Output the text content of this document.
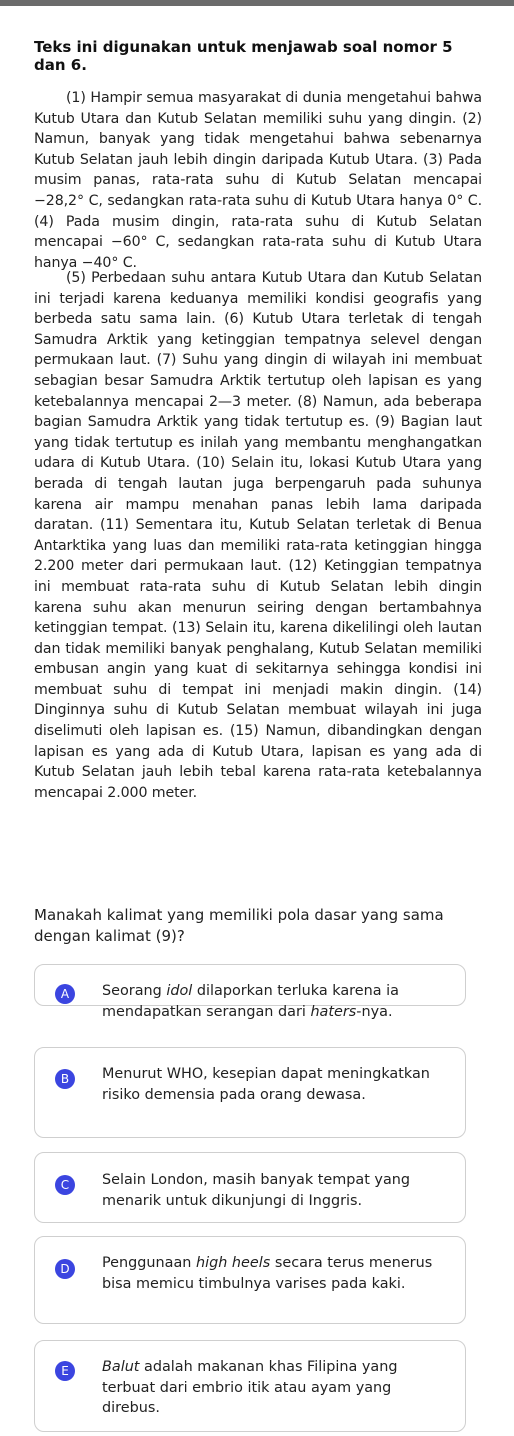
Teks ini digunakan untuk menjawab soal nomor 5 dan 6.

(1) Hampir semua masyarakat di dunia mengetahui bahwa Kutub Utara dan Kutub Selatan memiliki suhu yang dingin. (2) Namun, banyak yang tidak mengetahui bahwa sebenarnya Kutub Selatan jauh lebih dingin daripada Kutub Utara. (3) Pada musim panas, rata-rata suhu di Kutub Selatan mencapai −28,2° C, sedangkan rata-rata suhu di Kutub Utara hanya 0° C. (4) Pada musim dingin, rata-rata suhu di Kutub Selatan mencapai −60° C, sedangkan rata-rata suhu di Kutub Utara hanya −40° C.

(5) Perbedaan suhu antara Kutub Utara dan Kutub Selatan ini terjadi karena keduanya memiliki kondisi geografis yang berbeda satu sama lain. (6) Kutub Utara terletak di tengah Samudra Arktik yang ketinggian tempatnya selevel dengan permukaan laut. (7) Suhu yang dingin di wilayah ini membuat sebagian besar Samudra Arktik tertutup oleh lapisan es yang ketebalannya mencapai 2—3 meter. (8) Namun, ada beberapa bagian Samudra Arktik yang tidak tertutup es. (9) Bagian laut yang tidak tertutup es inilah yang membantu menghangatkan udara di Kutub Utara. (10) Selain itu, lokasi Kutub Utara yang berada di tengah lautan juga berpengaruh pada suhunya karena air mampu menahan panas lebih lama daripada daratan. (11) Sementara itu, Kutub Selatan terletak di Benua Antarktika yang luas dan memiliki rata-rata ketinggian hingga 2.200 meter dari permukaan laut. (12) Ketinggian tempatnya ini membuat rata-rata suhu di Kutub Selatan lebih dingin karena suhu akan menurun seiring dengan bertambahnya ketinggian tempat. (13) Selain itu, karena dikelilingi oleh lautan dan tidak memiliki banyak penghalang, Kutub Selatan memiliki embusan angin yang kuat di sekitarnya sehingga kondisi ini membuat suhu di tempat ini menjadi makin dingin. (14) Dinginnya suhu di Kutub Selatan membuat wilayah ini juga diselimuti oleh lapisan es. (15) Namun, dibandingkan dengan lapisan es yang ada di Kutub Utara, lapisan es yang ada di Kutub Selatan jauh lebih tebal karena rata-rata ketebalannya mencapai 2.000 meter.

Manakah kalimat yang memiliki pola dasar yang sama dengan kalimat (9)?
A	Seorang idol dilaporkan terluka karena ia mendapatkan serangan dari haters-nya.
B	Menurut WHO, kesepian dapat meningkatkan risiko demensia pada orang dewasa.
C	Selain London, masih banyak tempat yang menarik untuk dikunjungi di Inggris.
D	Penggunaan high heels secara terus menerus bisa memicu timbulnya varises pada kaki.
E	Balut adalah makanan khas Filipina yang terbuat dari embrio itik atau ayam yang direbus.
